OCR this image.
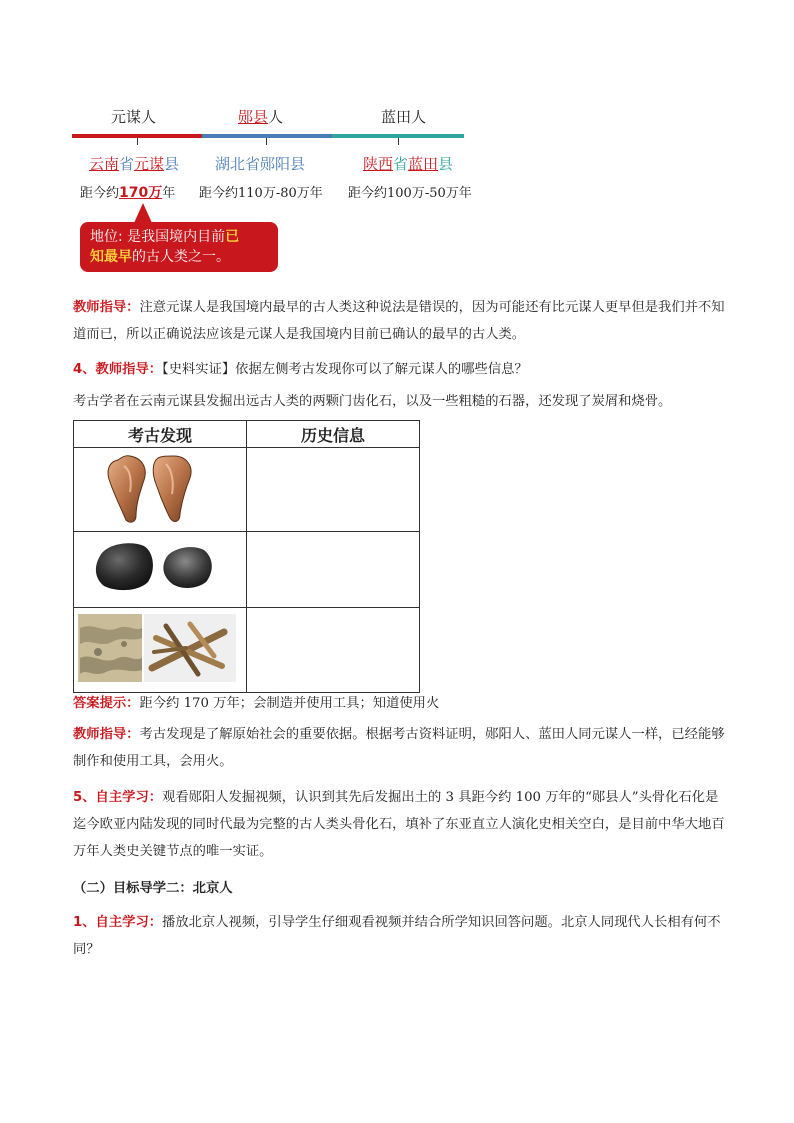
元谋人	郧县人	蓝田人
云南省元谋县 湖北省郧阳县	陕西省蓝田县
距今约170万年 距今约110万-80万年 距今约100万-50万年
地位: 是我国境内目前已
知最早的古人类之一。
教师指导：注意元谋人是我国境内最早的古人类这种说法是错误的，因为可能还有比元谋人更早但是我们并不知道而已，所以正确说法应该是元谋人是我国境内目前已确认的最早的古人类。
4、教师指导：【史料实证】依据左侧考古发现你可以了解元谋人的哪些信息？
考古学者在云南元谋县发掘出远古人类的两颗门齿化石，以及一些粗糙的石器，还发现了炭屑和烧骨。
考古发现	历史信息

答案提示：距今约 170 万年；会制造并使用工具；知道使用火
教师指导：考古发现是了解原始社会的重要依据。根据考古资料证明，郧阳人、蓝田人同元谋人一样，已经能够制作和使用工具，会用火。
5、自主学习：观看郧阳人发掘视频，认识到其先后发掘出土的 3 具距今约 100 万年的“郧县人”头骨化石化是迄今欧亚内陆发现的同时代最为完整的古人类头骨化石，填补了东亚直立人演化史相关空白，是目前中华大地百万年人类史关键节点的唯一实证。
（二）目标导学二：北京人
1、自主学习：播放北京人视频，引导学生仔细观看视频并结合所学知识回答问题。北京人同现代人长相有何不同？
